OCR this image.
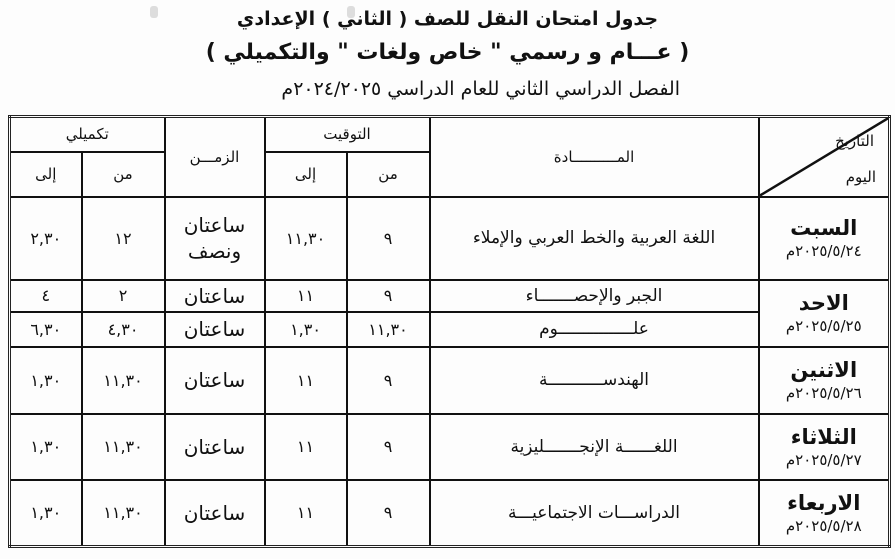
جدول امتحان النقل للصف ( الثاني ) الإعدادي
( عـــام و رسمي " خاص ولغات " والتكميلي )
الفصل الدراسي الثاني للعام الدراسي ٢٠٢٤/٢٠٢٥م
التاريخ
اليوم	المــــــــــادة	التوقيت		الزمـــن	تكميلي	
		من	إلى		من	إلى

السبت
٢٠٢٥/٥/٢٤م	اللغة العربية والخط العربي والإملاء	٩	١١,٣٠	ساعتان ونصف	١٢	٢,٣٠

الاحد
٢٠٢٥/٥/٢٥م	الجبر والإحصـــــــاء	٩	١١	ساعتان	٢	٤
	علـــــــــــــــوم	١١,٣٠	١,٣٠	ساعتان	٤,٣٠	٦,٣٠

الاثنين
٢٠٢٥/٥/٢٦م	الهندســـــــــــة	٩	١١	ساعتان	١١,٣٠	١,٣٠

الثلاثاء
٢٠٢٥/٥/٢٧م	اللغــــــة الإنجـــــــليزية	٩	١١	ساعتان	١١,٣٠	١,٣٠

الاربعاء
٢٠٢٥/٥/٢٨م	الدراســـات الاجتماعيـــة	٩	١١	ساعتان	١١,٣٠	١,٣٠
